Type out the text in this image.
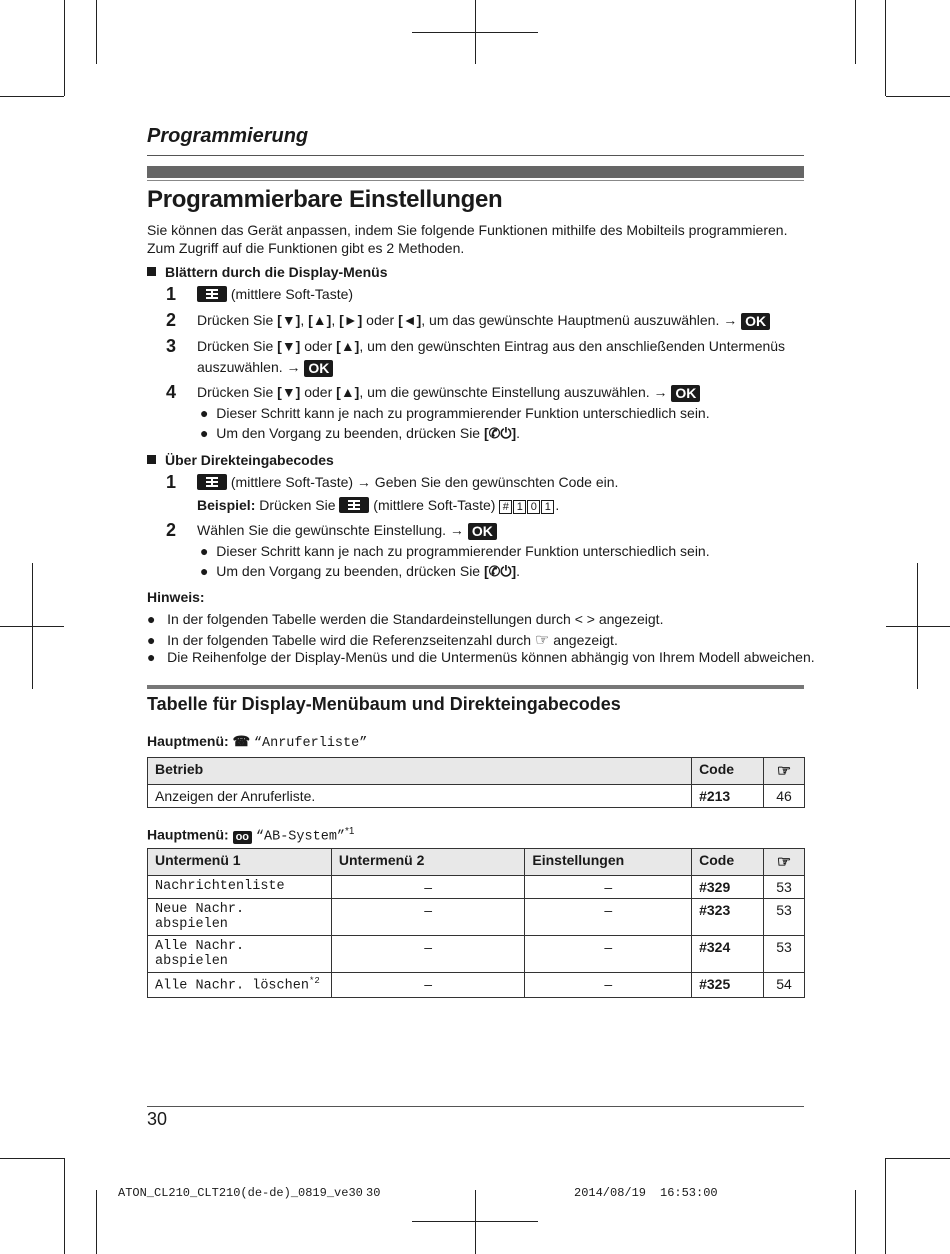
Programmierung
Programmierbare Einstellungen
Sie können das Gerät anpassen, indem Sie folgende Funktionen mithilfe des Mobilteils programmieren.
Zum Zugriff auf die Funktionen gibt es 2 Methoden.
Blättern durch die Display-Menüs
1	(mittlere Soft-Taste)
2 Drücken Sie [▼], [▲], [►] oder [◄], um das gewünschte Hauptmenü auszuwählen. → OK
3 Drücken Sie [▼] oder [▲], um den gewünschten Eintrag aus den anschließenden Untermenüs
auszuwählen. → OK
4 Drücken Sie [▼] oder [▲], um die gewünschte Einstellung auszuwählen. → OK
●  Dieser Schritt kann je nach zu programmierender Funktion unterschiedlich sein.
●  Um den Vorgang zu beenden, drücken Sie [✆⏻].
Über Direkteingabecodes
1	(mittlere Soft-Taste) → Geben Sie den gewünschten Code ein.
Beispiel: Drücken Sie	(mittlere Soft-Taste) # 1 0 1 .
2 Wählen Sie die gewünschte Einstellung. → OK
●  Dieser Schritt kann je nach zu programmierender Funktion unterschiedlich sein.
●  Um den Vorgang zu beenden, drücken Sie [✆⏻].
Hinweis:
●   In der folgenden Tabelle werden die Standardeinstellungen durch < > angezeigt.
●   In der folgenden Tabelle wird die Referenzseitenzahl durch ☞ angezeigt.
●   Die Reihenfolge der Display-Menüs und die Untermenüs können abhängig von Ihrem Modell abweichen.
Tabelle für Display-Menübaum und Direkteingabecodes
Hauptmenü: ☎ “Anruferliste”
Betrieb	Code	☞
Anzeigen der Anruferliste.	#213	46
Hauptmenü: oo “AB-System”$^{*1}$
Untermenü 1	Untermenü 2	Einstellungen	Code	☞
Nachrichtenliste	–	–	#329	53
Neue Nachr.
abspielen	–	–	#323	53
Alle Nachr.
abspielen	–	–	#324	53
Alle Nachr. löschen$^{*2}$	–	–	#325	54
30
ATON_CL210_CLT210(de-de)_0819_ve30 30	2014/08/19 16:53:00
